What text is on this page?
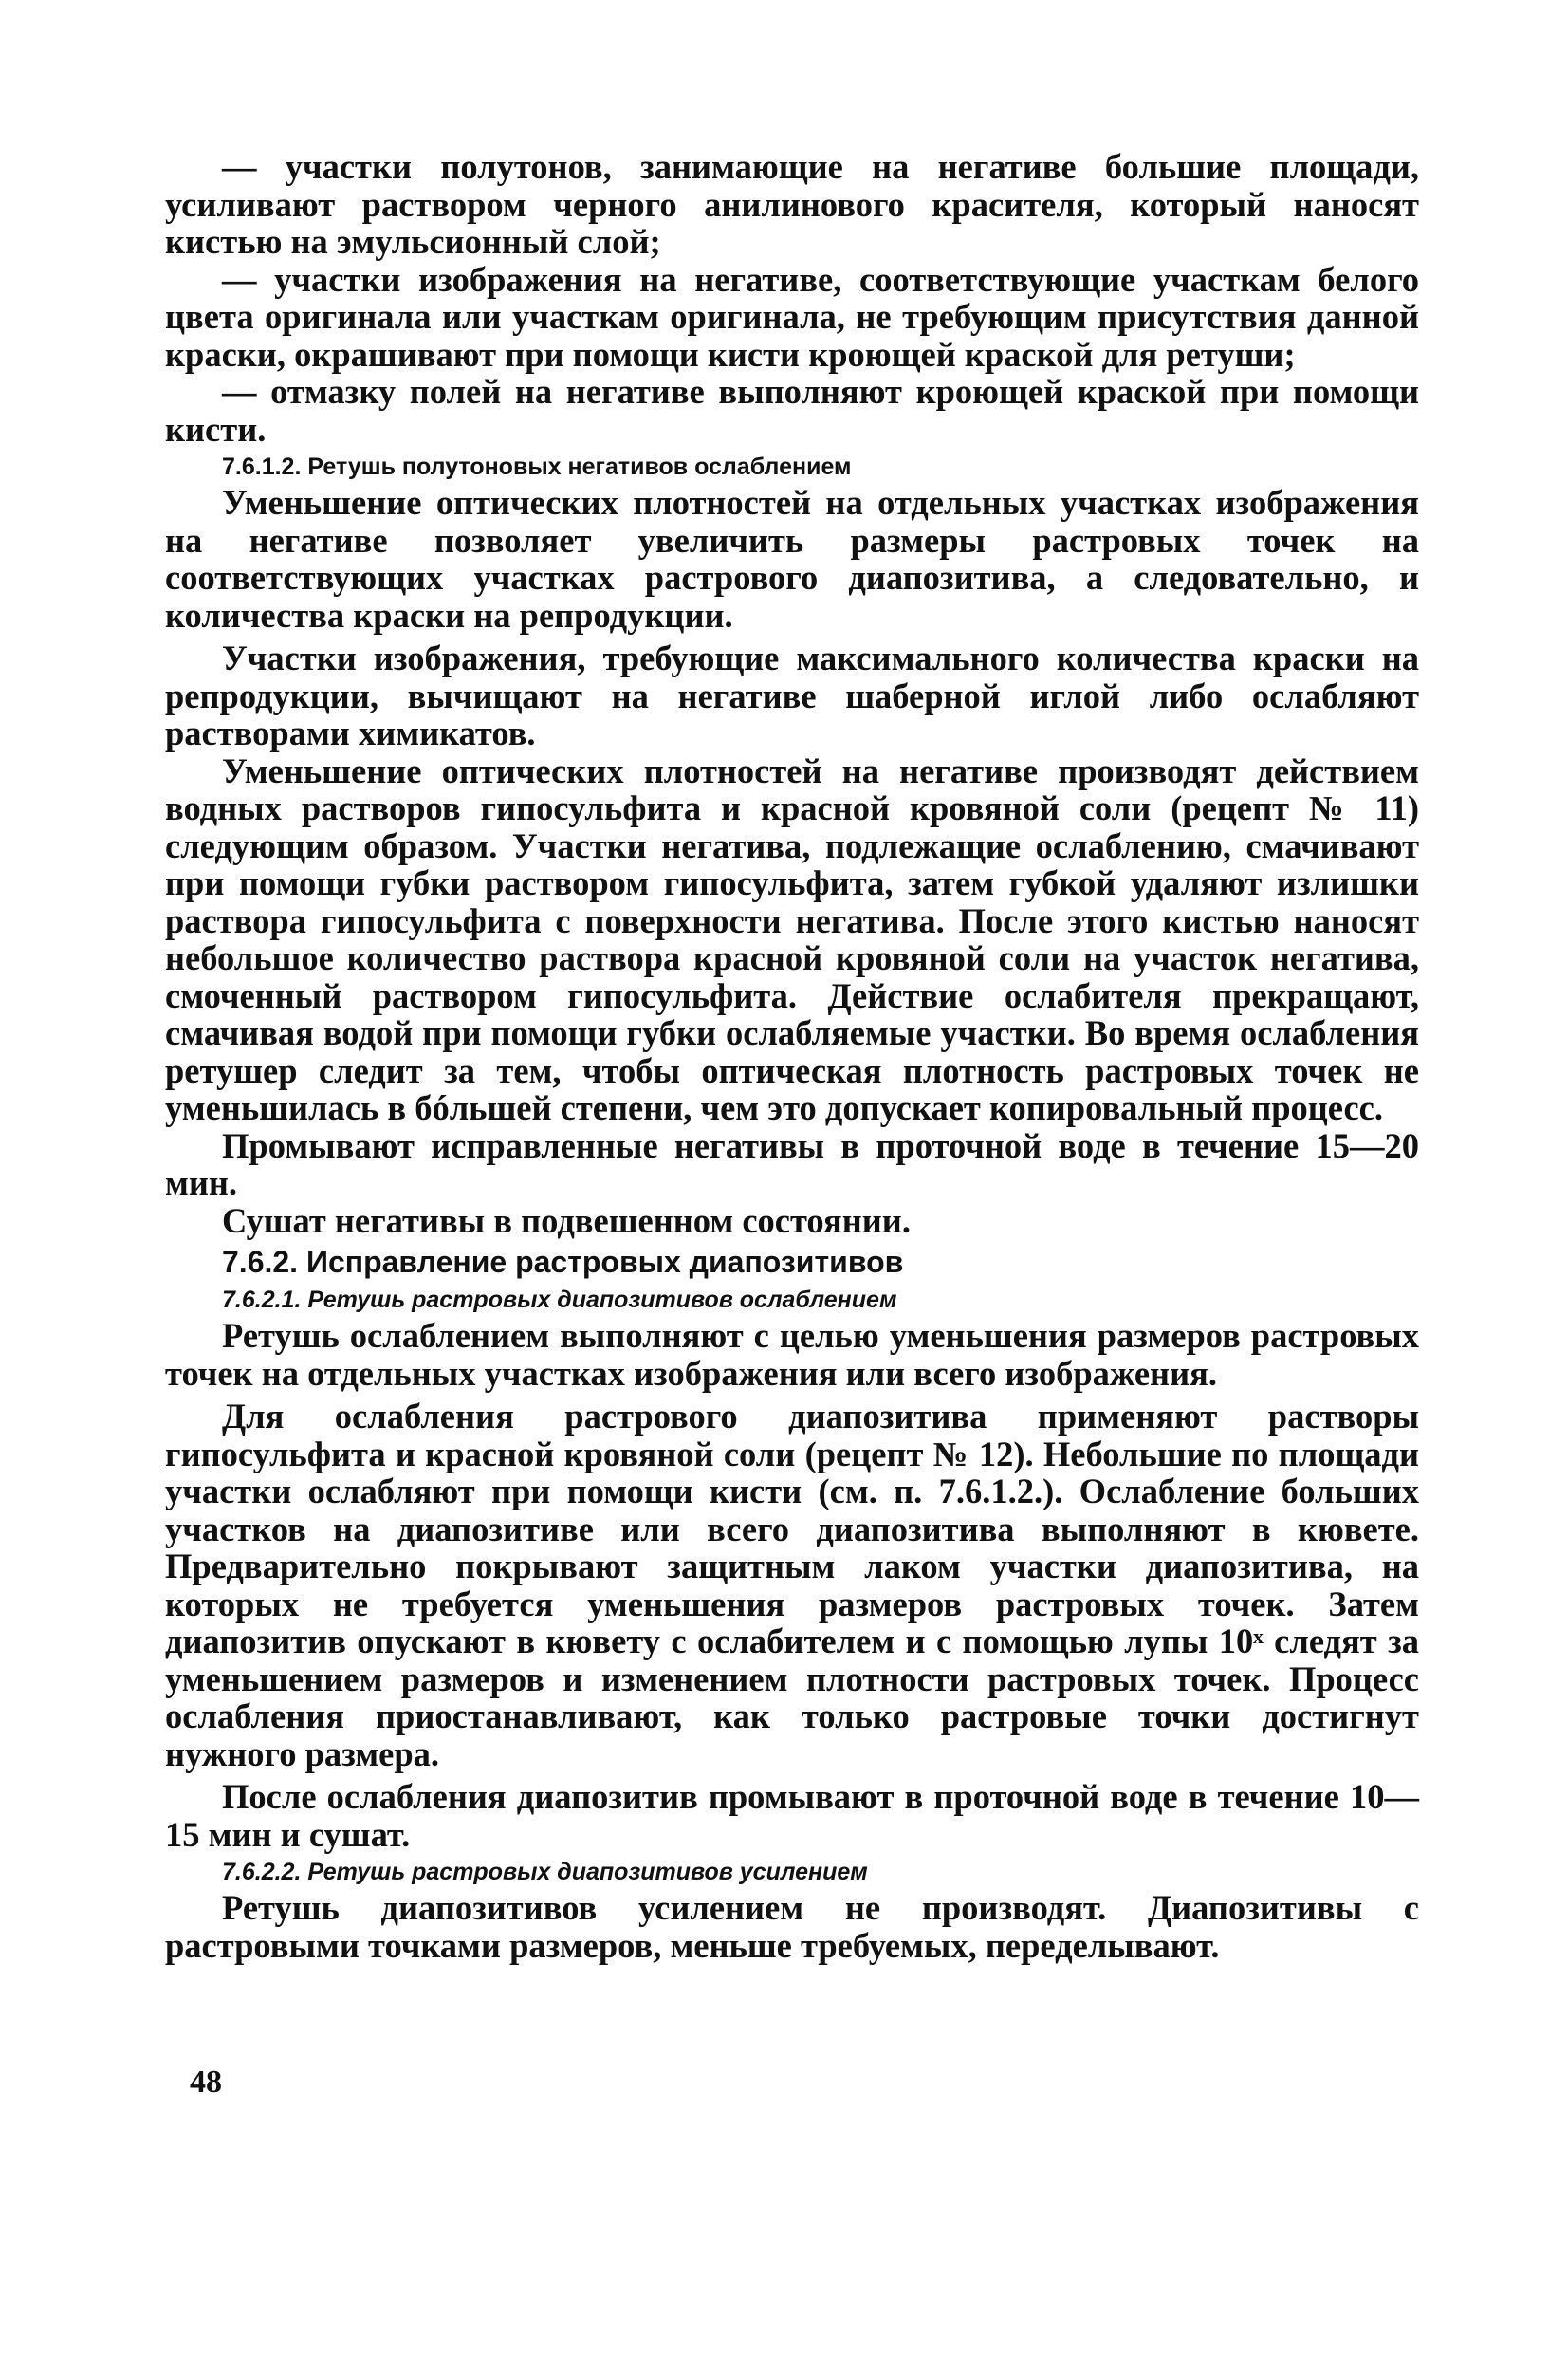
— участки полутонов, занимающие на негативе большие площади, усиливают раствором черного анилинового красителя, который наносят кистью на эмульсионный слой;

— участки изображения на негативе, соответствующие участкам белого цвета оригинала или участкам оригинала, не требующим присутствия данной краски, окрашивают при помощи кисти кроющей краской для ретуши;

— отмазку полей на негативе выполняют кроющей краской при помощи кисти.

7.6.1.2. Ретушь полутоновых негативов ослаблением

Уменьшение оптических плотностей на отдельных участках изображения на негативе позволяет увеличить размеры растровых точек на соответствующих участках растрового диапозитива, а следовательно, и количества краски на репродукции.

Участки изображения, требующие максимального количества краски на репродукции, вычищают на негативе шаберной иглой либо ослабляют растворами химикатов.

Уменьшение оптических плотностей на негативе производят действием водных растворов гипосульфита и красной кровяной соли (рецепт № 11) следующим образом. Участки негатива, подлежащие ослаблению, смачивают при помощи губки раствором гипосульфита, затем губкой удаляют излишки раствора гипосульфита с поверхности негатива. После этого кистью наносят небольшое количество раствора красной кровяной соли на участок негатива, смоченный раствором гипосульфита. Действие ослабителя прекращают, смачивая водой при помощи губки ослабляемые участки. Во время ослабления ретушер следит за тем, чтобы оптическая плотность растровых точек не уменьшилась в бóльшей степени, чем это допускает копировальный процесс.

Промывают исправленные негативы в проточной воде в течение 15—20 мин.

Сушат негативы в подвешенном состоянии.

7.6.2. Исправление растровых диапозитивов

7.6.2.1. Ретушь растровых диапозитивов ослаблением

Ретушь ослаблением выполняют с целью уменьшения размеров растровых точек на отдельных участках изображения или всего изображения.

Для ослабления растрового диапозитива применяют растворы гипосульфита и красной кровяной соли (рецепт № 12). Небольшие по площади участки ослабляют при помощи кисти (см. п. 7.6.1.2.). Ослабление больших участков на диапозитиве или всего диапозитива выполняют в кювете. Предварительно покрывают защитным лаком участки диапозитива, на которых не требуется уменьшения размеров растровых точек. Затем диапозитив опускают в кювету с ослабителем и с помощью лупы 10ˣ следят за уменьшением размеров и изменением плотности растровых точек. Процесс ослабления приостанавливают, как только растровые точки достигнут нужного размера.

После ослабления диапозитив промывают в проточной воде в течение 10—15 мин и сушат.

7.6.2.2. Ретушь растровых диапозитивов усилением

Ретушь диапозитивов усилением не производят. Диапозитивы с растровыми точками размеров, меньше требуемых, переделывают.

48
